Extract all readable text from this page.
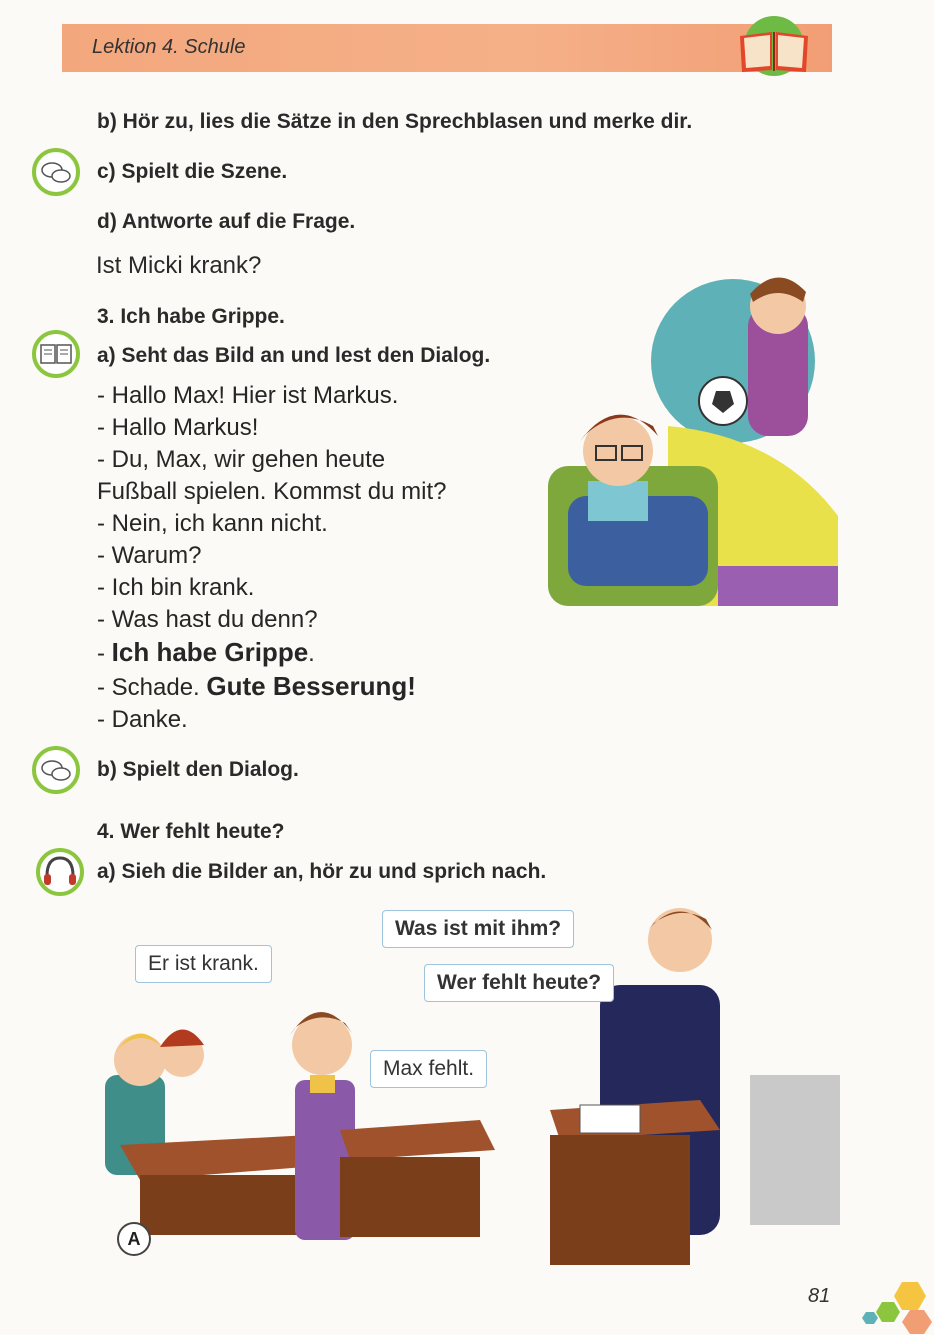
Lektion 4. Schule
b) Hör zu, lies die Sätze in den Sprechblasen und merke dir.
c) Spielt die Szene.
d) Antworte auf die Frage.
Ist Micki krank?
3. Ich habe Grippe.
a) Seht das Bild an und lest den Dialog.
- Hallo Max! Hier ist Markus.
- Hallo Markus!
- Du, Max, wir gehen heute
Fußball spielen. Kommst du mit?
- Nein, ich kann nicht.
- Warum?
- Ich bin krank.
- Was hast du denn?
- Ich habe Grippe.
- Schade. Gute Besserung!
- Danke.
b) Spielt den Dialog.
4. Wer fehlt heute?
a) Sieh die Bilder an, hör zu und sprich nach.
A
Er ist krank.
Was ist mit ihm?
Wer fehlt heute?
Max fehlt.
81
